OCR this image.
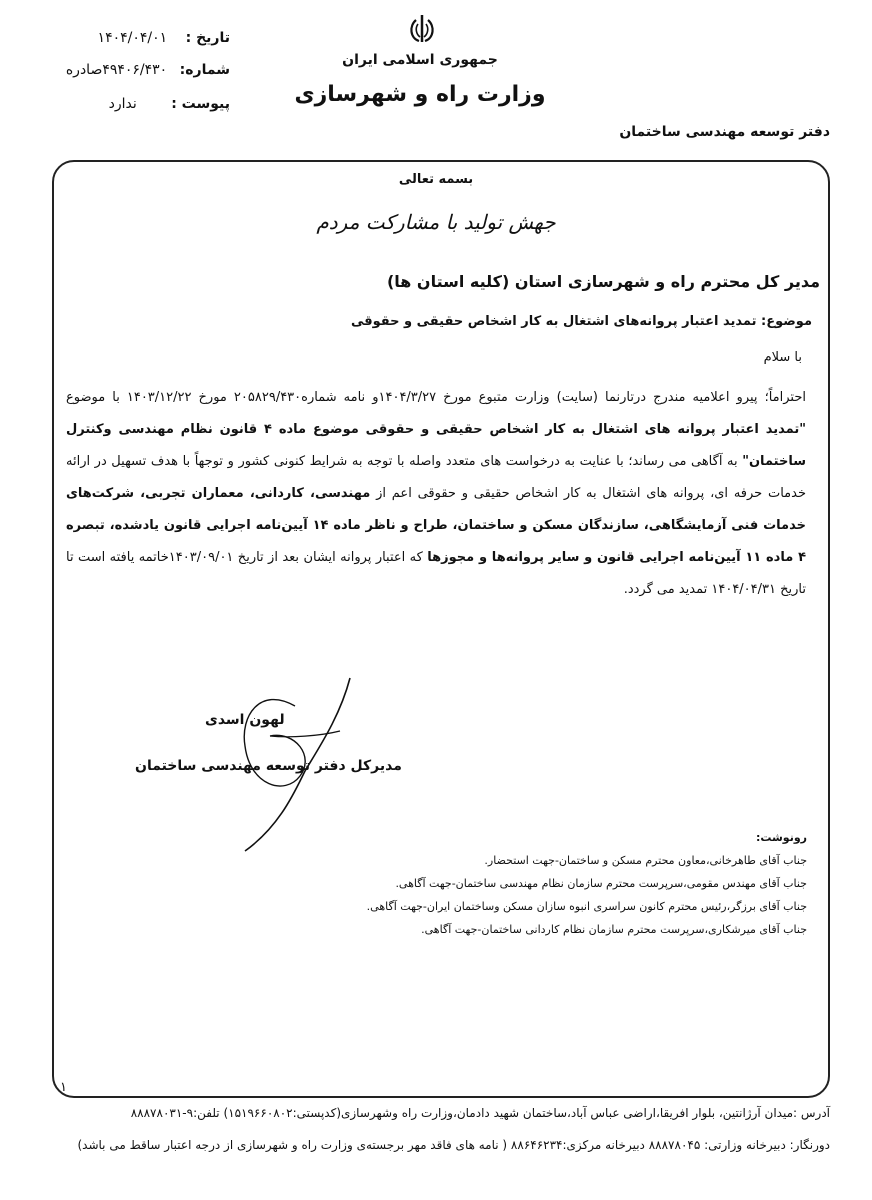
تاریخ : ۱۴۰۴/۰۴/۰۱
شماره: ۴۹۴۰۶/۴۳۰صادره
پیوست : ندارد
جمهوری اسلامی ایران
وزارت راه و شهرسازی
دفتر توسعه مهندسی ساختمان
بسمه تعالی
جهش تولید با مشارکت مردم
مدیر کل محترم راه و شهرسازی استان (کلیه استان ها)
موضوع: تمدید اعتبار پروانه‌های اشتغال به کار اشخاص حقیقی و حقوقی
با سلام
احتراماً؛ پیرو اعلامیه مندرج درتارنما (سایت) وزارت متبوع مورخ ۱۴۰۴/۳/۲۷و نامه شماره۲۰۵۸۲۹/۴۳۰ مورخ ۱۴۰۳/۱۲/۲۲ با موضوع "تمدید اعتبار پروانه های اشتغال به کار اشخاص حقیقی و حقوقی موضوع ماده ۴ قانون نظام مهندسی وکنترل ساختمان" به آگاهی می رساند؛ با عنایت به درخواست های متعدد واصله با توجه به شرایط کنونی کشور و توجهاً با هدف تسهیل در ارائه خدمات حرفه ای، پروانه های اشتغال به کار اشخاص حقیقی و حقوقی اعم از مهندسی، کاردانی، معماران تجربی، شرکت‌های خدمات فنی آزمایشگاهی، سازندگان مسکن و ساختمان، طراح و ناظر ماده ۱۴ آیین‌نامه اجرایی قانون یادشده، تبصره ۴ ماده ۱۱ آیین‌نامه اجرایی قانون و سایر پروانه‌ها و مجوزها که اعتبار پروانه ایشان بعد از تاریخ ۱۴۰۳/۰۹/۰۱خاتمه یافته است تا تاریخ ۱۴۰۴/۰۴/۳۱ تمدید می گردد.
لهون اسدی
مدیرکل دفتر توسعه مهندسی ساختمان
رونوشت:
جناب آقای طاهرخانی،معاون محترم مسکن و ساختمان-جهت استحضار.
جناب آقای مهندس مقومی،سرپرست محترم سازمان نظام مهندسی ساختمان-جهت آگاهی.
جناب آقای برزگر،رئیس محترم کانون سراسری انبوه سازان مسکن وساختمان ایران-جهت آگاهی.
جناب آقای میرشکاری،سرپرست محترم سازمان نظام کاردانی ساختمان-جهت آگاهی.
۱
آدرس :میدان آرژانتین، بلوار افریقا،اراضی عباس آباد،ساختمان شهید دادمان،وزارت راه وشهرسازی(کدپستی:۱۵۱۹۶۶۰۸۰۲) تلفن:۹-۸۸۸۷۸۰۳۱
دورنگار: دبیرخانه وزارتی: ۸۸۸۷۸۰۴۵ دبیرخانه مرکزی:۸۸۶۴۶۲۳۴ ( نامه های فاقد مهر برجسته‌ی وزارت راه و شهرسازی از درجه اعتبار ساقط می باشد)
